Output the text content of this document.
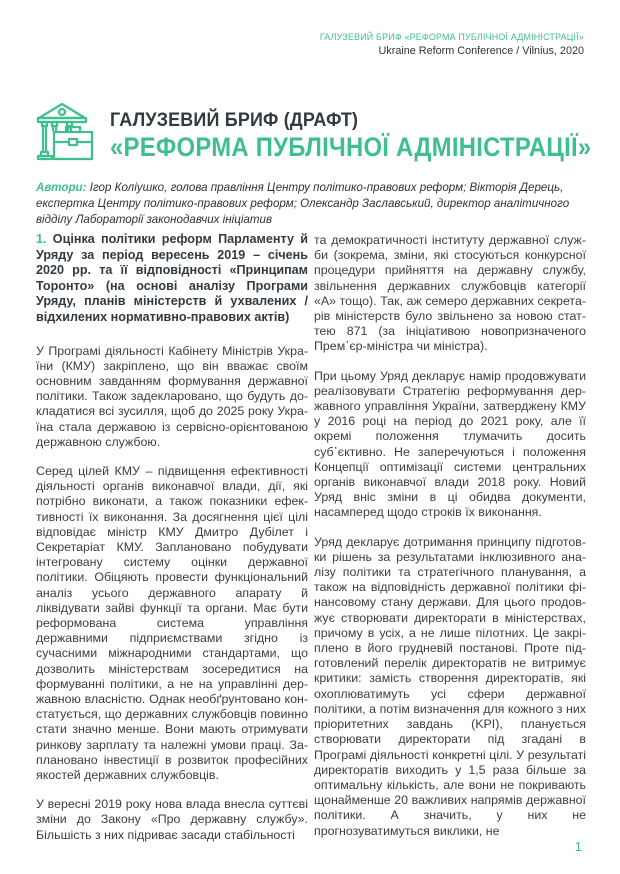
ГАЛУЗЕВИЙ БРИФ «РЕФОРМА ПУБЛІЧНОЇ АДМІНІСТРАЦІЇ»
Ukraine Reform Conference / Vilnius, 2020
ГАЛУЗЕВИЙ БРИФ (ДРАФТ)
«РЕФОРМА ПУБЛІЧНОЇ АДМІНІСТРАЦІЇ»
Автори: Ігор Коліушко, голова правління Центру політико-правових реформ; Вікторія Дерець, експертка Центру політико-правових реформ; Олександр Заславський, директор аналітичного відділу Лабораторії законодавчих ініціатив
1. Оцінка політики реформ Парламенту й Уряду за період вересень 2019 – січень 2020 рр. та її відповідності «Принципам Торонто» (на основі аналізу Програми Уряду, планів міністерств й ухвалених / відхилених нормативно-правових актів)

У Програмі діяльності Кабінету Міністрів України (КМУ) закріплено, що він вважає своїм основним завданням формування державної політики. Також задекларовано, що будуть докладатися всі зусилля, щоб до 2025 року Україна стала державою із сервісно-орієнтованою державною службою.

Серед цілей КМУ – підвищення ефективності діяльності органів виконавчої влади, дії, які потрібно виконати, а також показники ефективності їх виконання. За досягнення цієї цілі відповідає міністр КМУ Дмитро Дубілет і Секретаріат КМУ. Заплановано побудувати інтегровану систему оцінки державної політики. Обіцяють провести функціональний аналіз усього державного апарату й ліквідувати зайві функції та органи. Має бути реформована система управління державними підприємствами згідно із сучасними міжнародними стандартами, що дозволить міністерствам зосередитися на формуванні політики, а не на управлінні державною власністю. Однак необґрунтовано констатується, що державних службовців повинно стати значно менше. Вони мають отримувати ринкову зарплату та належні умови праці. Заплановано інвестиції в розвиток професійних якостей державних службовців.

У вересні 2019 року нова влада внесла суттєві зміни до Закону «Про державну службу». Більшість з них підриває засади стабільності

та демократичності інституту державної служби (зокрема, зміни, які стосуються конкурсної процедури прийняття на державну службу, звільнення державних службовців категорії «А» тощо). Так, аж семеро державних секретарів міністерств було звільнено за новою статтею 871 (за ініціативою новопризначеного Прем᾽єр-міністра чи міністра).

При цьому Уряд декларує намір продовжувати реалізовувати Стратегію реформування державного управління України, затверджену КМУ у 2016 році на період до 2021 року, але її окремі положення тлумачить досить суб᾽єктивно. Не заперечуються і положення Концепції оптимізації системи центральних органів виконавчої влади 2018 року. Новий Уряд вніс зміни в ці обидва документи, насамперед щодо строків їх виконання.

Уряд декларує дотримання принципу підготовки рішень за результатами інклюзивного аналізу політики та стратегічного планування, а також на відповідність державної політики фінансовому стану держави. Для цього продовжує створювати директорати в міністерствах, причому в усіх, а не лише пілотних. Це закріплено в його грудневій постанові. Проте підготовлений перелік директоратів не витримує критики: замість створення директоратів, які охоплюватимуть усі сфери державної політики, а потім визначення для кожного з них пріоритетних завдань (KPI), планується створювати директорати під згадані в Програмі діяльності конкретні цілі. У результаті директоратів виходить у 1,5 раза більше за оптимальну кількість, але вони не покривають щонайменше 20 важливих напрямів державної політики. А значить, у них не прогнозуватимуться виклики, не

1
